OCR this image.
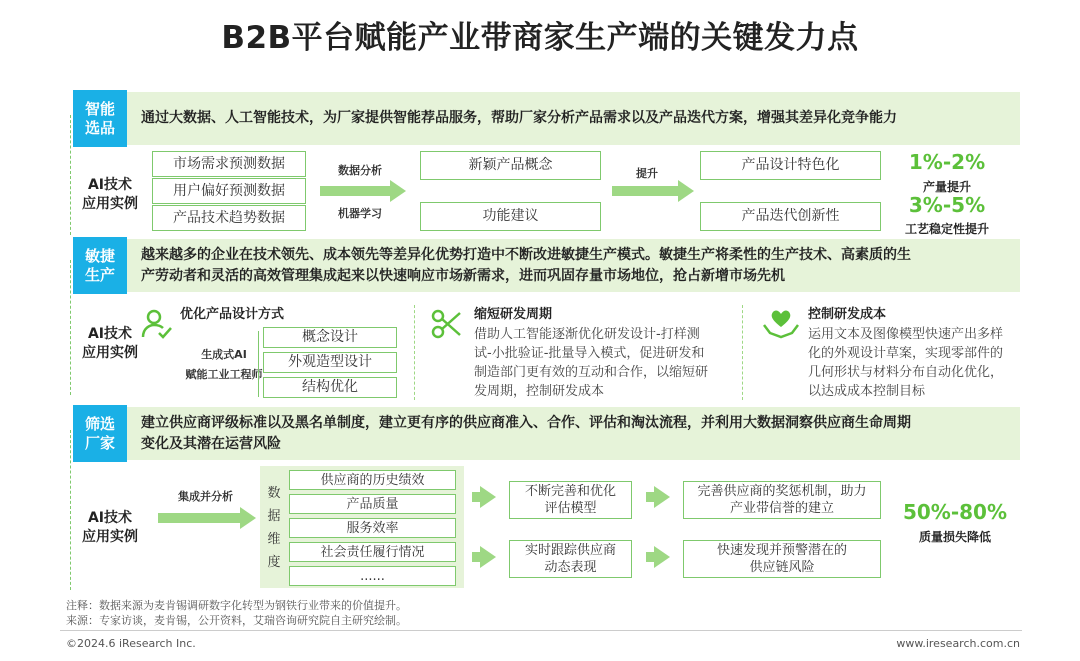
B2B平台赋能产业带商家生产端的关键发力点
智能
选品
通过大数据、人工智能技术，为厂家提供智能荐品服务，帮助厂家分析产品需求以及产品迭代方案，增强其差异化竞争能力
AI技术
应用实例
市场需求预测数据
用户偏好预测数据
产品技术趋势数据
数据分析
机器学习
新颖产品概念
功能建议
提升
产品设计特色化
产品迭代创新性
1%-2%
产量提升
3%-5%
工艺稳定性提升
敏捷
生产
越来越多的企业在技术领先、成本领先等差异化优势打造中不断改进敏捷生产模式。敏捷生产将柔性的生产技术、高素质的生
产劳动者和灵活的高效管理集成起来以快速响应市场新需求，进而巩固存量市场地位，抢占新增市场先机
AI技术
应用实例
优化产品设计方式
生成式AI
赋能工业工程师
概念设计
外观造型设计
结构优化
缩短研发周期
借助人工智能逐渐优化研发设计-打样测
试-小批验证-批量导入模式，促进研发和
制造部门更有效的互动和合作，以缩短研
发周期，控制研发成本
控制研发成本
运用文本及图像模型快速产出多样
化的外观设计草案，实现零部件的
几何形状与材料分布自动化优化，
以达成成本控制目标
筛选
厂家
建立供应商评级标准以及黑名单制度，建立更有序的供应商准入、合作、评估和淘汰流程，并利用大数据洞察供应商生命周期
变化及其潜在运营风险
AI技术
应用实例
集成并分析	数
据
维
度
供应商的历史绩效
产品质量
服务效率
社会责任履行情况
......
不断完善和优化
评估模型
实时跟踪供应商
动态表现
完善供应商的奖惩机制，助力
产业带信誉的建立
快速发现并预警潜在的
供应链风险
50%-80%
质量损失降低
注释：数据来源为麦肯锡调研数字化转型为钢铁行业带来的价值提升。
来源：专家访谈，麦肯锡，公开资料，艾瑞咨询研究院自主研究绘制。
©2024.6 iResearch Inc.	www.iresearch.com.cn
